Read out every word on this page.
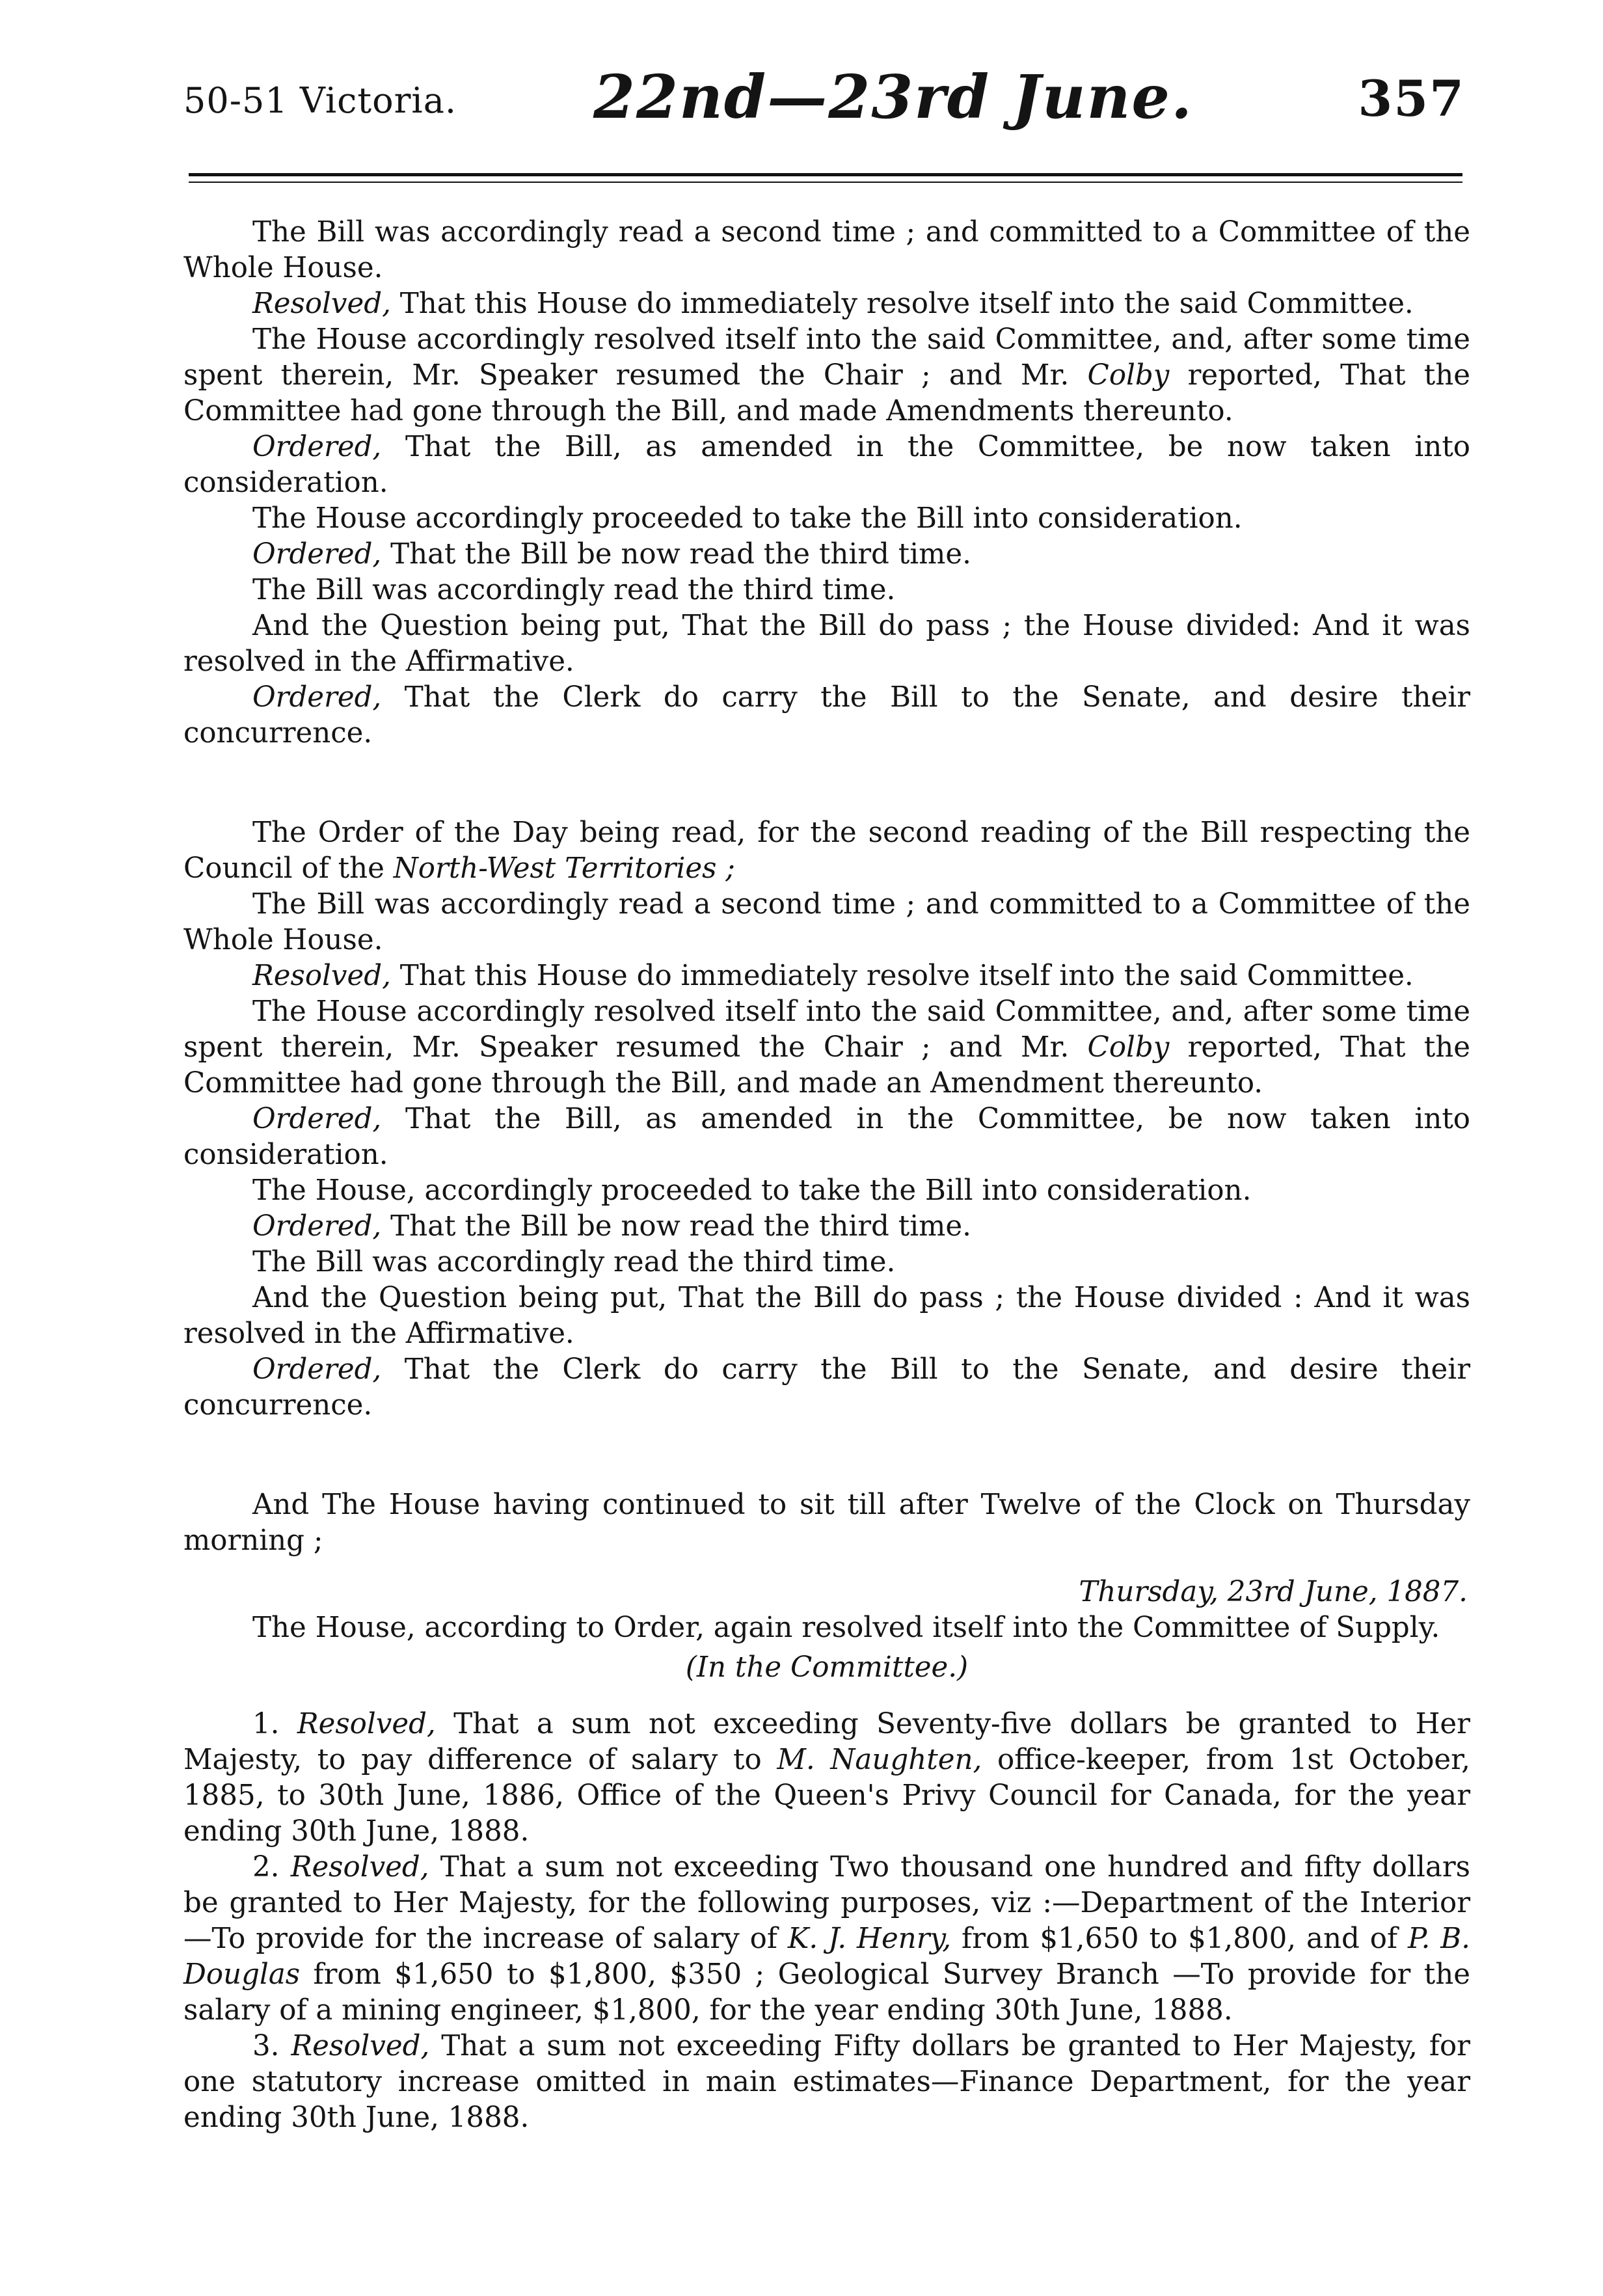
50-51 Victoria. 22nd—23rd June.	357

The Bill was accordingly read a second time ; and committed to a Committee of the Whole House.

Resolved, That this House do immediately resolve itself into the said Committee.

The House accordingly resolved itself into the said Committee, and, after some time spent therein, Mr. Speaker resumed the Chair ; and Mr. Colby reported, That the Committee had gone through the Bill, and made Amendments thereunto.

Ordered, That the Bill, as amended in the Committee, be now taken into consideration.

The House accordingly proceeded to take the Bill into consideration.

Ordered, That the Bill be now read the third time.

The Bill was accordingly read the third time.

And the Question being put, That the Bill do pass ; the House divided: And it was resolved in the Affirmative.

Ordered, That the Clerk do carry the Bill to the Senate, and desire their concurrence.

The Order of the Day being read, for the second reading of the Bill respecting the Council of the North-West Territories ;

The Bill was accordingly read a second time ; and committed to a Committee of the Whole House.

Resolved, That this House do immediately resolve itself into the said Committee.

The House accordingly resolved itself into the said Committee, and, after some time spent therein, Mr. Speaker resumed the Chair ; and Mr. Colby reported, That the Committee had gone through the Bill, and made an Amendment thereunto.

Ordered, That the Bill, as amended in the Committee, be now taken into consideration.

The House, accordingly proceeded to take the Bill into consideration.

Ordered, That the Bill be now read the third time.

The Bill was accordingly read the third time.

And the Question being put, That the Bill do pass ; the House divided : And it was resolved in the Affirmative.

Ordered, That the Clerk do carry the Bill to the Senate, and desire their concurrence.

And The House having continued to sit till after Twelve of the Clock on Thursday morning ;

Thursday, 23rd June, 1887.

The House, according to Order, again resolved itself into the Committee of Supply.

(In the Committee.)

1. Resolved, That a sum not exceeding Seventy-five dollars be granted to Her Majesty, to pay difference of salary to M. Naughten, office-keeper, from 1st October, 1885, to 30th June, 1886, Office of the Queen's Privy Council for Canada, for the year ending 30th June, 1888.

2. Resolved, That a sum not exceeding Two thousand one hundred and fifty dollars be granted to Her Majesty, for the following purposes, viz :—Department of the Interior—To provide for the increase of salary of K. J. Henry, from $1,650 to $1,800, and of P. B. Douglas from $1,650 to $1,800, $350 ; Geological Survey Branch —To provide for the salary of a mining engineer, $1,800, for the year ending 30th June, 1888.

3. Resolved, That a sum not exceeding Fifty dollars be granted to Her Majesty, for one statutory increase omitted in main estimates—Finance Department, for the year ending 30th June, 1888.
